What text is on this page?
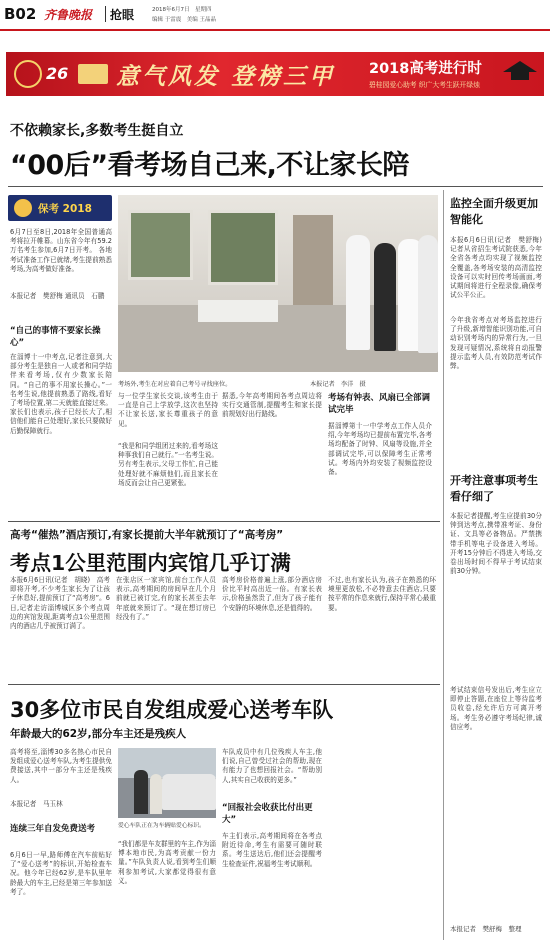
B02 齐鲁晚报 抢眼	2018年6月7日　星期四
编辑 于雷震　美编 王晶晶
26 意气风发 登榜三甲 2018高考进行时
碧桂园爱心助考 织广大考生跃开绿烛
不依赖家长,多数考生挺自立
“00后”看考场自己来,不让家长陪
保考 2018
6月7日至8日,2018年全国普通高考将拉开帷幕。山东省今年有59.2万名考生参加,6月7日开考。 各地考试准备工作已就绪,考生提前熟悉考场,为高考做好准备。
本报记者　樊舒梅 通讯员　石鹏
“自己的事情不要家长操心”
在淄博十一中考点,记者注意到,大部分考生是独自一人或者和同学结伴来看考场,仅有少数家长陪同。“自己的事不用家长操心。”一名考生说,他提前熟悉了路线,看好了考场位置,第二天就能直接过来。家长们也表示,孩子已经长大了,相信他们能自己处理好,家长只要做好后勤保障就行。
考场外,考生在对应着自己考号寻找座位。	本报记者　李洋　摄
与一位学生家长交谈,该考生由于一直是自己上学放学,这次也坚持不让家长送,家长尊重孩子的意见。
“我是和同学组团过来的,看考场这种事我们自己就行。”一名考生说。另有考生表示,父母工作忙,自己能处理好就不麻烦他们,而且家长在场反而会让自己更紧张。
据悉,今年高考期间各考点周边将实行交通管制,提醒考生和家长提前规划好出行路线。
考场有钟表、风扇已全部调试完毕
据淄博第十一中学考点工作人员介绍,今年考场均已提前布置完毕,各考场均配备了时钟、风扇等设施,并全部调试完毕,可以保障考生正常考试。考场内外均安装了视频监控设备。
监控全面升级更加智能化
本报6月6日讯(记者　樊舒梅)　记者从省招生考试院获悉,今年全省各考点均实现了视频监控全覆盖,各考场安装的高清监控设备可以实时回传考场画面,考试期间将进行全程录像,确保考试公平公正。
今年我省考点对考场监控进行了升级,新增智能识别功能,可自动识别考场内的异常行为,一旦发现可疑情况,系统将自动报警提示监考人员,有效防范考试作弊。
开考注意事项考生看仔细了
本报记者提醒,考生应提前30分钟到达考点,携带准考证、身份证、文具等必备物品。严禁携带手机等电子设备进入考场。开考15分钟后不得进入考场,交卷出场时间不得早于考试结束前30分钟。
考试结束信号发出后,考生应立即停止答题,在座位上等待监考员收卷,经允许后方可离开考场。考生务必遵守考场纪律,诚信应考。
本报记者　樊舒梅　整理
高考“催热”酒店预订,有家长提前大半年就预订了“高考房”
考点1公里范围内宾馆几乎订满
本报6月6日讯(记者　胡晓)　高考即将开考,不少考生家长为了让孩子休息好,提前预订了“高考房”。6日,记者走访淄博城区多个考点周边的宾馆发现,距离考点1公里范围内的酒店几乎被预订满了。
在张店区一家宾馆,前台工作人员表示,高考期间的房间早在几个月前就已被订完,有的家长甚至去年年底就来预订了。“现在想订房已经没有了。”
高考房价格普遍上涨,部分酒店房价比平时高出近一倍。有家长表示,价格虽然贵了,但为了孩子能有个安静的环境休息,还是值得的。
不过,也有家长认为,孩子在熟悉的环境里更放松,不必特意去住酒店,只要按平常的作息来就行,保持平常心最重要。
30多位市民自发组成爱心送考车队
年龄最大的62岁,部分车主还是残疾人
高考将至,淄博30多名热心市民自发组成爱心送考车队,为考生提供免费接送,其中一部分车主还是残疾人。
本报记者　马玉林
连续三年自发免费送考
6月6日一早,路师傅在汽车前贴好了“爱心送考”的标识,开始检查车况。他今年已经62岁,是车队里年龄最大的车主,已经是第三年参加送考了。
爱心车队正在为车辆贴爱心标识。
“我们都是车友群里的车主,作为淄博本地市民,为高考贡献一份力量。”车队负责人说,看到考生们顺利参加考试,大家都觉得很有意义。
车队成员中有几位残疾人车主,他们说,自己曾受过社会的帮助,现在有能力了也想回报社会。“帮助别人,其实自己收获的更多。”
“回报社会收获比付出更大”
车主们表示,高考期间将在各考点附近待命,考生有需要可随时联系。考生送达后,他们还会提醒考生检查证件,祝福考生考试顺利。
